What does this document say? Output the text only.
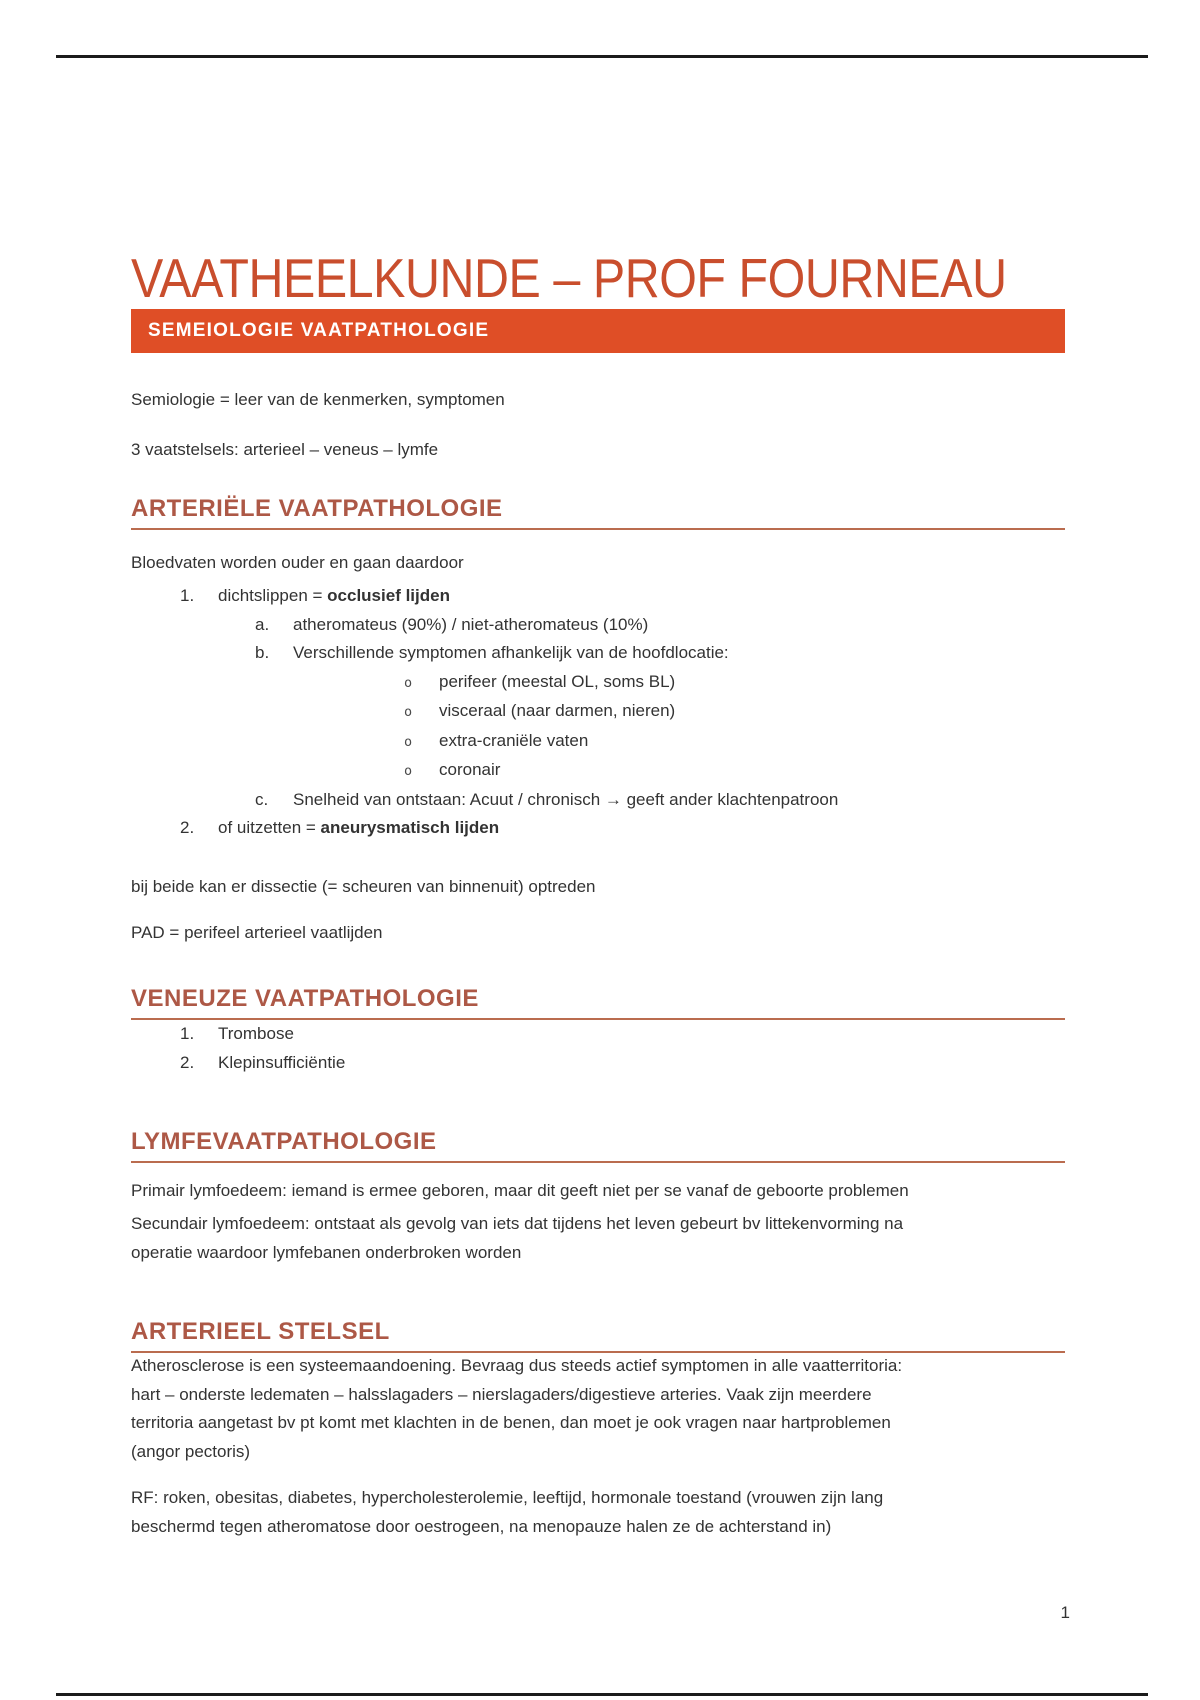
VAATHEELKUNDE – PROF FOURNEAU
SEMEIOLOGIE VAATPATHOLOGIE

Semiologie = leer van de kenmerken, symptomen

3 vaatstelsels: arterieel – veneus – lymfe

ARTERIËLE VAATPATHOLOGIE

Bloedvaten worden ouder en gaan daardoor

1. dichtslippen = occlusief lijden
a. atheromateus (90%) / niet-atheromateus (10%)
b. Verschillende symptomen afhankelijk van de hoofdlocatie:
o perifeer (meestal OL, soms BL)
o visceraal (naar darmen, nieren)
o extra-craniële vaten
o coronair
c. Snelheid van ontstaan: Acuut / chronisch → geeft ander klachtenpatroon
2. of uitzetten = aneurysmatisch lijden

bij beide kan er dissectie (= scheuren van binnenuit) optreden

PAD = perifeel arterieel vaatlijden

VENEUZE VAATPATHOLOGIE
1. Trombose
2. Klepinsufficiëntie
LYMFEVAATPATHOLOGIE

Primair lymfoedeem: iemand is ermee geboren, maar dit geeft niet per se vanaf de geboorte problemen

Secundair lymfoedeem: ontstaat als gevolg van iets dat tijdens het leven gebeurt bv littekenvorming na
operatie waardoor lymfebanen onderbroken worden
ARTERIEEL STELSEL
Atherosclerose is een systeemaandoening. Bevraag dus steeds actief symptomen in alle vaatterritoria:
hart – onderste ledematen – halsslagaders – nierslagaders/digestieve arteries. Vaak zijn meerdere
territoria aangetast bv pt komt met klachten in de benen, dan moet je ook vragen naar hartproblemen
(angor pectoris)
RF: roken, obesitas, diabetes, hypercholesterolemie, leeftijd, hormonale toestand (vrouwen zijn lang
beschermd tegen atheromatose door oestrogeen, na menopauze halen ze de achterstand in)
1
